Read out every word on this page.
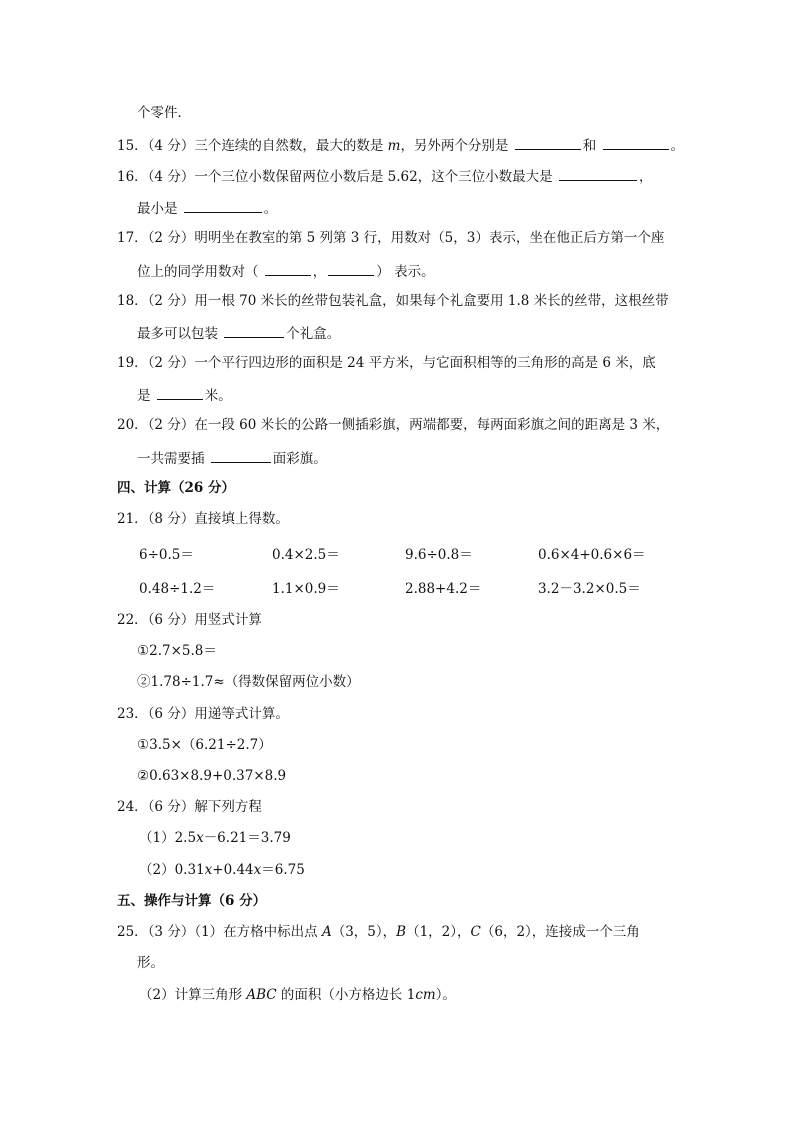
个零件．
15．（4 分）三个连续的自然数，最大的数是 m，另外两个分别是	和	。
16．（4 分）一个三位小数保留两位小数后是 5.62，这个三位小数最大是	，
最小是	。
17．（2 分）明明坐在教室的第 5 列第 3 行，用数对（5，3）表示，坐在他正后方第一个座
位上的同学用数对（	，	） 表示。
18．（2 分）用一根 70 米长的丝带包装礼盒，如果每个礼盒要用 1.8 米长的丝带，这根丝带
最多可以包装	个礼盒。
19．（2 分）一个平行四边形的面积是 24 平方米，与它面积相等的三角形的高是 6 米，底
是	米。
20．（2 分）在一段 60 米长的公路一侧插彩旗，两端都要，每两面彩旗之间的距离是 3 米，
一共需要插	面彩旗。
四、计算（26 分）
21．（8 分）直接填上得数。
6÷0.5＝	0.4×2.5＝	9.6÷0.8＝	0.6×4+0.6×6＝
0.48÷1.2＝	1.1×0.9＝	2.88+4.2＝	3.2－3.2×0.5＝
22．（6 分）用竖式计算
①2.7×5.8＝
②1.78÷1.7≈（得数保留两位小数）
23．（6 分）用递等式计算。
①3.5×（6.21÷2.7）
②0.63×8.9+0.37×8.9
24．（6 分）解下列方程
（1）2.5x－6.21＝3.79
（2）0.31x+0.44x＝6.75
五、操作与计算（6 分）
25．（3 分）（1）在方格中标出点 A（3，5），B（1，2），C（6，2），连接成一个三角
形。
（2）计算三角形 ABC 的面积（小方格边长 1cm）。
